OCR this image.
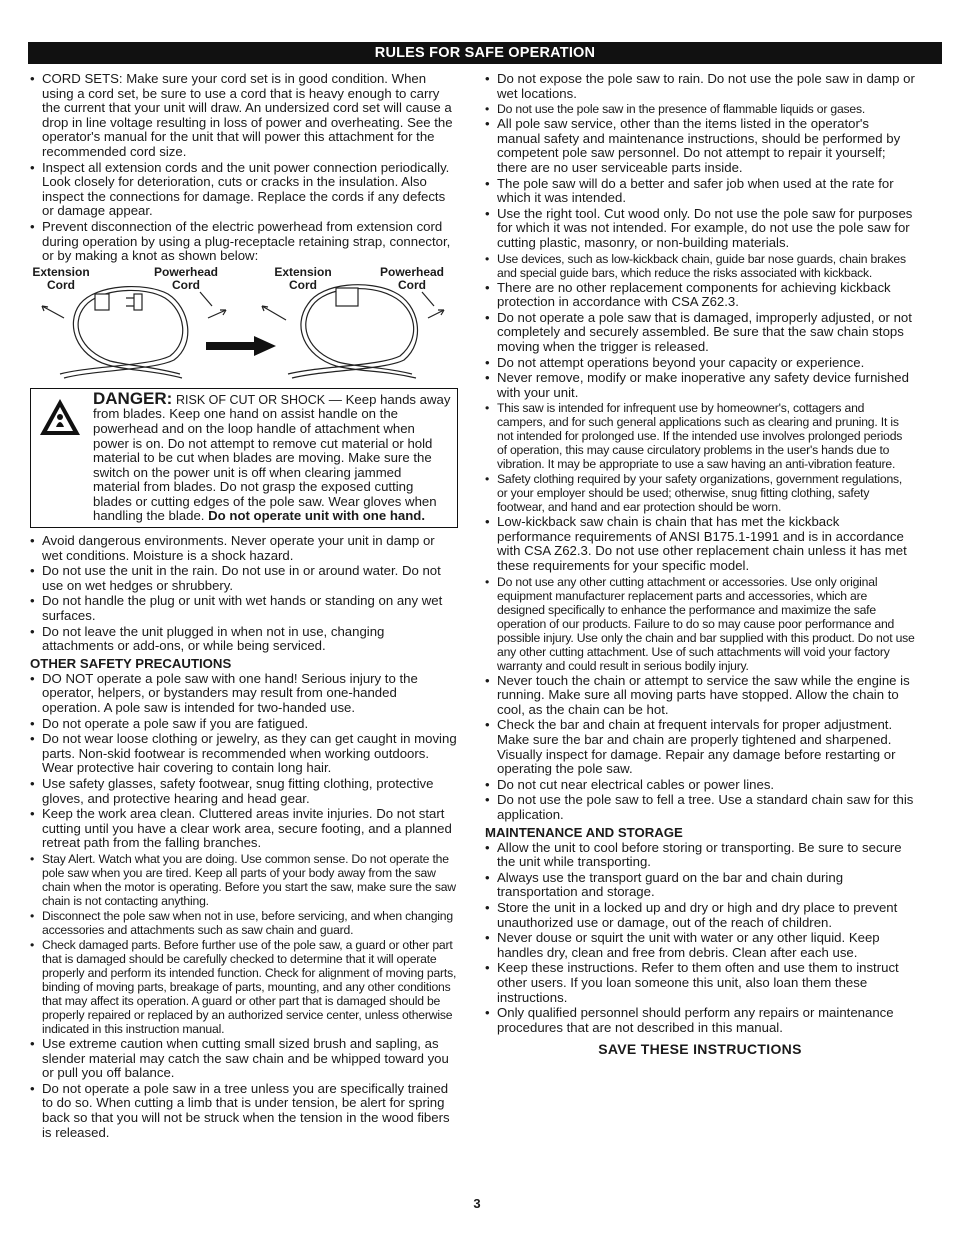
RULES FOR SAFE OPERATION
• CORD SETS: Make sure your cord set is in good condition. When using a cord set, be sure to use a cord that is heavy enough to carry the current that your unit will draw. An undersized cord set will cause a drop in line voltage resulting in loss of power and overheating. See the operator's manual for the unit that will power this attachment for the recommended cord size.
• Inspect all extension cords and the unit power connection periodically. Look closely for deterioration, cuts or cracks in the insulation. Also inspect the connections for damage. Replace the cords if any defects or damage appear.
• Prevent disconnection of the electric powerhead from extension cord during operation by using a plug-receptacle retaining strap, connector, or by making a knot as shown below:
Extension Cord
Powerhead Cord
Extension Cord
Powerhead Cord
DANGER: RISK OF CUT OR SHOCK — Keep hands away from blades. Keep one hand on assist handle on the powerhead and on the loop handle of attachment when power is on. Do not attempt to remove cut material or hold material to be cut when blades are moving. Make sure the switch on the power unit is off when clearing jammed material from blades. Do not grasp the exposed cutting blades or cutting edges of the pole saw. Wear gloves when handling the blade. Do not operate unit with one hand.
• Avoid dangerous environments. Never operate your unit in damp or wet conditions. Moisture is a shock hazard.
• Do not use the unit in the rain. Do not use in or around water. Do not use on wet hedges or shrubbery.
• Do not handle the plug or unit with wet hands or standing on any wet surfaces.
• Do not leave the unit plugged in when not in use, changing attachments or add-ons, or while being serviced.
OTHER SAFETY PRECAUTIONS
• DO NOT operate a pole saw with one hand! Serious injury to the operator, helpers, or bystanders may result from one-handed operation. A pole saw is intended for two-handed use.
• Do not operate a pole saw if you are fatigued.
• Do not wear loose clothing or jewelry, as they can get caught in moving parts. Non-skid footwear is recommended when working outdoors. Wear protective hair covering to contain long hair.
• Use safety glasses, safety footwear, snug fitting clothing, protective gloves, and protective hearing and head gear.
• Keep the work area clean. Cluttered areas invite injuries. Do not start cutting until you have a clear work area, secure footing, and a planned retreat path from the falling branches.
• Stay Alert. Watch what you are doing. Use common sense. Do not operate the pole saw when you are tired. Keep all parts of your body away from the saw chain when the motor is operating. Before you start the saw, make sure the saw chain is not contacting anything.
• Disconnect the pole saw when not in use, before servicing, and when changing accessories and attachments such as saw chain and guard.
• Check damaged parts. Before further use of the pole saw, a guard or other part that is damaged should be carefully checked to determine that it will operate properly and perform its intended function. Check for alignment of moving parts, binding of moving parts, breakage of parts, mounting, and any other conditions that may affect its operation. A guard or other part that is damaged should be properly repaired or replaced by an authorized service center, unless otherwise indicated in this instruction manual.
• Use extreme caution when cutting small sized brush and sapling, as slender material may catch the saw chain and be whipped toward you or pull you off balance.
• Do not operate a pole saw in a tree unless you are specifically trained to do so. When cutting a limb that is under tension, be alert for spring back so that you will not be struck when the tension in the wood fibers is released.
• Do not expose the pole saw to rain. Do not use the pole saw in damp or wet locations.
• Do not use the pole saw in the presence of flammable liquids or gases.
• All pole saw service, other than the items listed in the operator's manual safety and maintenance instructions, should be performed by competent pole saw personnel. Do not attempt to repair it yourself; there are no user serviceable parts inside.
• The pole saw will do a better and safer job when used at the rate for which it was intended.
• Use the right tool. Cut wood only. Do not use the pole saw for purposes for which it was not intended. For example, do not use the pole saw for cutting plastic, masonry, or non-building materials.
• Use devices, such as low-kickback chain, guide bar nose guards, chain brakes and special guide bars, which reduce the risks associated with kickback.
• There are no other replacement components for achieving kickback protection in accordance with CSA Z62.3.
• Do not operate a pole saw that is damaged, improperly adjusted, or not completely and securely assembled. Be sure that the saw chain stops moving when the trigger is released.
• Do not attempt operations beyond your capacity or experience.
• Never remove, modify or make inoperative any safety device furnished with your unit.
• This saw is intended for infrequent use by homeowner's, cottagers and campers, and for such general applications such as clearing and pruning. It is not intended for prolonged use. If the intended use involves prolonged periods of operation, this may cause circulatory problems in the user's hands due to vibration. It may be appropriate to use a saw having an anti-vibration feature.
• Safety clothing required by your safety organizations, government regulations, or your employer should be used; otherwise, snug fitting clothing, safety footwear, and hand and ear protection should be worn.
• Low-kickback saw chain is chain that has met the kickback performance requirements of ANSI B175.1-1991 and is in accordance with CSA Z62.3. Do not use other replacement chain unless it has met these requirements for your specific model.
• Do not use any other cutting attachment or accessories. Use only original equipment manufacturer replacement parts and accessories, which are designed specifically to enhance the performance and maximize the safe operation of our products. Failure to do so may cause poor performance and possible injury. Use only the chain and bar supplied with this product. Do not use any other cutting attachment. Use of such attachments will void your factory warranty and could result in serious bodily injury.
• Never touch the chain or attempt to service the saw while the engine is running. Make sure all moving parts have stopped. Allow the chain to cool, as the chain can be hot.
• Check the bar and chain at frequent intervals for proper adjustment. Make sure the bar and chain are properly tightened and sharpened. Visually inspect for damage. Repair any damage before restarting or operating the pole saw.
• Do not cut near electrical cables or power lines.
• Do not use the pole saw to fell a tree. Use a standard chain saw for this application.
MAINTENANCE AND STORAGE
• Allow the unit to cool before storing or transporting. Be sure to secure the unit while transporting.
• Always use the transport guard on the bar and chain during transportation and storage.
• Store the unit in a locked up and dry or high and dry place to prevent unauthorized use or damage, out of the reach of children.
• Never douse or squirt the unit with water or any other liquid. Keep handles dry, clean and free from debris. Clean after each use.
• Keep these instructions. Refer to them often and use them to instruct other users. If you loan someone this unit, also loan them these instructions.
• Only qualified personnel should perform any repairs or maintenance procedures that are not described in this manual.
SAVE THESE INSTRUCTIONS
3
